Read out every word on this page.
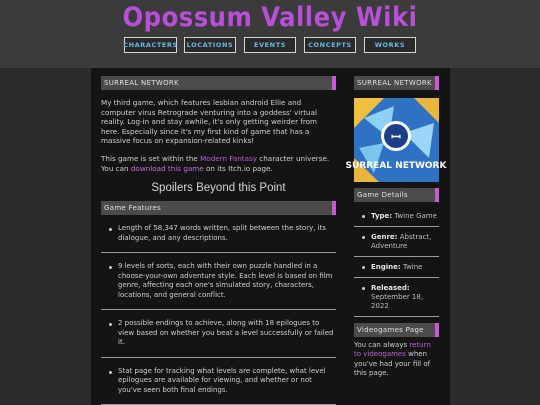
Opossum Valley Wiki
CHARACTERS	LOCATIONS	EVENTS	CONCEPTS	WORKS
SURREAL NETWORK

My third game, which features lesbian android Ellie and computer virus Retrograde venturing into a goddess' virtual reality. Log-in and stay awhile, it's only getting weirder from here. Especially since it's my first kind of game that has a massive focus on expansion-related kinks!

This game is set within the Modern Fantasy character universe. You can download this game on its Itch.io page.

Spoilers Beyond this Point
Game Features
Length of 58,347 words written, split between the story, its dialogue, and any descriptions.
9 levels of sorts, each with their own puzzle handled in a choose-your-own adventure style. Each level is based on film genre, affecting each one's simulated story, characters, locations, and general conflict.
2 possible endings to achieve, along with 18 epilogues to view based on whether you beat a level successfully or failed it.
Stat page for tracking what levels are complete, what level epilogues are available for viewing, and whether or not you've seen both final endings.
SURREAL NETWORK
ꟷ
SURREAL NETWORK
Game Details
Type: Twine Game
Genre: Abstract, Adventure
Engine: Twine
Released: September 18, 2022
Videogames Page

You can always return to videogames when you've had your fill of this page.
